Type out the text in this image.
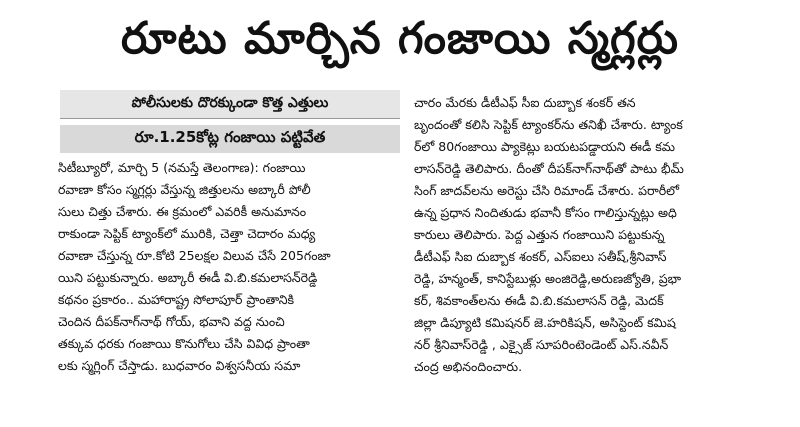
రూటు మార్చిన గంజాయి స్మగ్లర్లు
పోలీసులకు దొరక్కుండా కొత్త ఎత్తులు
రూ.1.25కోట్ల గంజాయి పట్టివేత
సిటీబ్యూరో, మార్చి 5 (నమస్తే తెలంగాణ): గంజాయి
రవాణా కోసం స్మగ్లర్లు వేస్తున్న జిత్తులను అబ్కారీ పోలీ
సులు చిత్తు చేశారు. ఈ క్రమంలో ఎవరికీ అనుమానం
రాకుండా సెప్టిక్ ట్యాంక్‌లో మురికి, చెత్తా చెదారం మధ్య
రవాణా చేస్తున్న రూ.కోటి 25లక్షల విలువ చేసే 205గంజా
యిని పట్టుకున్నారు. అబ్కారీ ఈడీ వి.బి.కమలాసన్‌రెడ్డి
కథనం ప్రకారం.. మహారాష్ట్ర సోలాపూర్ ప్రాంతానికి
చెందిన దీపక్‌నాగ్‌నాథ్ గోయ్, భవాని వద్ద నుంచి
తక్కువ ధరకు గంజాయి కొనుగోలు చేసి వివిధ ప్రాంతా
లకు స్మగ్లింగ్ చేస్తాడు. బుధవారం విశ్వసనీయ సమా
చారం మేరకు డీటీఎఫ్ సీఐ దుబ్బాక శంకర్ తన
బృందంతో కలిసి సెప్టిక్ ట్యాంకర్‌ను తనిఖీ చేశారు. ట్యాంక
ర్‌లో 80గంజాయి ప్యాకెట్లు బయటపడ్డాయని ఈడీ కమ
లాసన్‌రెడ్డి తెలిపారు. దీంతో దీపక్‌నాగ్‌నాథ్‌తో పాటు భీమ్
సింగ్ జాదవ్‌లను అరెస్టు చేసి రిమాండ్ చేశారు. పరారీలో
ఉన్న ప్రధాన నిందితుడు భవానీ కోసం గాలిస్తున్నట్లు అధి
కారులు తెలిపారు. పెద్ద ఎత్తున గంజాయిని పట్టుకున్న
డీటీఎఫ్ సిఐ దుబ్బాక శంకర్, ఎస్ఐలు సతీష్,శ్రీనివాస్
రెడ్డి, హన్మంత్, కానిస్టేబుళ్లు అంజిరెడ్డి,అరుణజ్యోతి, ప్రభా
కర్, శివకాంత్‌లను ఈడీ వి.బి.కమలాసన్ రెడ్డి, మెదక్
జిల్లా డిప్యూటి కమిషనర్ జె.హరికిషన్, అసిస్టెంట్ కమిష
నర్ శ్రీనివాస్‌రెడ్డి , ఎక్సైజ్ సూపరింటెండెంట్ ఎస్.నవీన్
చంద్ర అభినందించారు.
